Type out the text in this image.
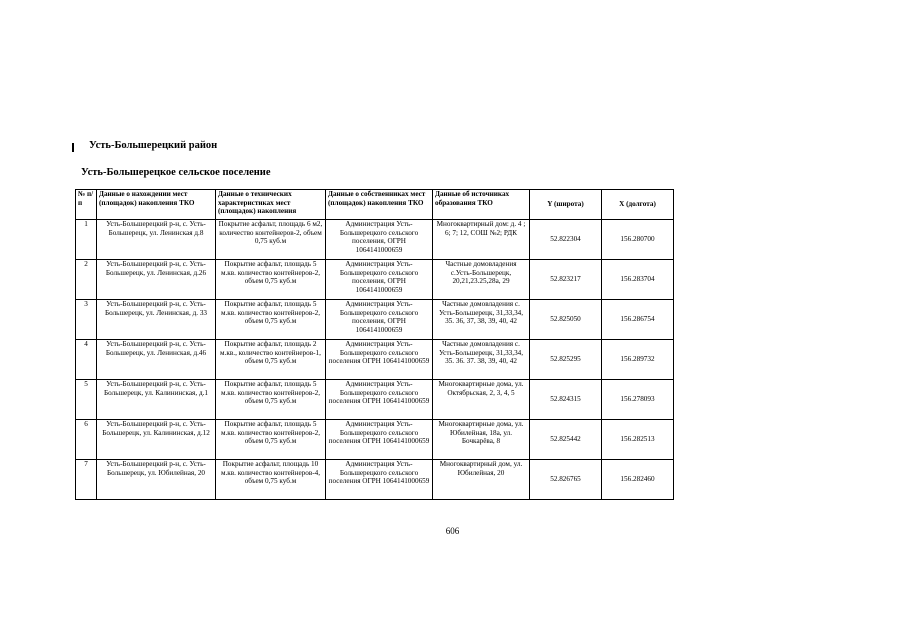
Усть-Большерецкий район
Усть-Большерецкое сельское поселение
№ п/п	Данные о нахождении мест (площадок) накопления ТКО	Данные о технических характеристиках мест (площадок) накопления	Данные о собственниках мест (площадок) накопления ТКО	Данные об источниках образования ТКО	Y (широта)	X (долгота)
1	Усть-Большерецкий р-н, с. Усть-Большерецк, ул. Ленинская д.8	Покрытие асфальт, площадь 6 м2, количество контейнеров-2, объем 0,75 куб.м	Администрация Усть-Большерецкого сельского поселения, ОГРН 1064141000659	Многоквартирный дом: д. 4 ; 6; 7; 12, СОШ №2; РДК	52.822304	156.280700
2	Усть-Большерецкий р-н, с. Усть-Большерецк, ул. Ленинская, д.26	Покрытие асфальт, площадь 5 м.кв. количество контейнеров-2, объем 0,75 куб.м	Администрация Усть-Большерецкого сельского поселения, ОГРН 1064141000659	Частные домовладения с.Усть-Большерецк, 20,21,23.25,28а, 29	52.823217	156.283704
3	Усть-Большерецкий р-н, с. Усть-Большерецк, ул. Ленинская, д. 33	Покрытие асфальт, площадь 5 м.кв. количество контейнеров-2, объем 0,75 куб.м	Администрация Усть-Большерецкого сельского поселения, ОГРН 1064141000659	Частные домовладения с. Усть-Большерецк, 31,33,34, 35. 36, 37, 38, 39, 40, 42	52.825050	156.286754
4	Усть-Большерецкий р-н, с. Усть-Большерецк, ул. Ленинская, д.46	Покрытие асфальт, площадь 2 м.кв., количество контейнеров-1, объем 0,75 куб.м	Администрация Усть-Большерецкого сельского поселения ОГРН 1064141000659	Частные домовладения с. Усть-Большерецк, 31,33,34, 35. 36. 37. 38, 39, 40, 42	52.825295	156.289732
5	Усть-Большерецкий р-н, с. Усть-Большерецк, ул. Калининская, д.1	Покрытие асфальт, площадь 5 м.кв. количество контейнеров-2, объем 0,75 куб.м	Администрация Усть-Большерецкого сельского поселения ОГРН 1064141000659	Многоквартирные дома, ул. Октябрьская, 2, 3, 4, 5	52.824315	156.278093
6	Усть-Большерецкий р-н, с. Усть-Большерецк, ул. Калининская, д.12	Покрытие асфальт, площадь 5 м.кв. количество контейнеров-2, объем 0,75 куб.м	Администрация Усть-Большерецкого сельского поселения ОГРН 1064141000659	Многоквартирные дома, ул. Юбилейная, 18а, ул. Бочкарёва, 8	52.825442	156.282513
7	Усть-Большерецкий р-н, с. Усть-Большерецк, ул. Юбилейная, 20	Покрытие асфальт, площадь 10 м.кв. количество контейнеров-4, объем 0,75 куб.м	Администрация Усть-Большерецкого сельского поселения ОГРН 1064141000659	Многоквартирный дом, ул. Юбилейная, 20	52.826765	156.282460
606
